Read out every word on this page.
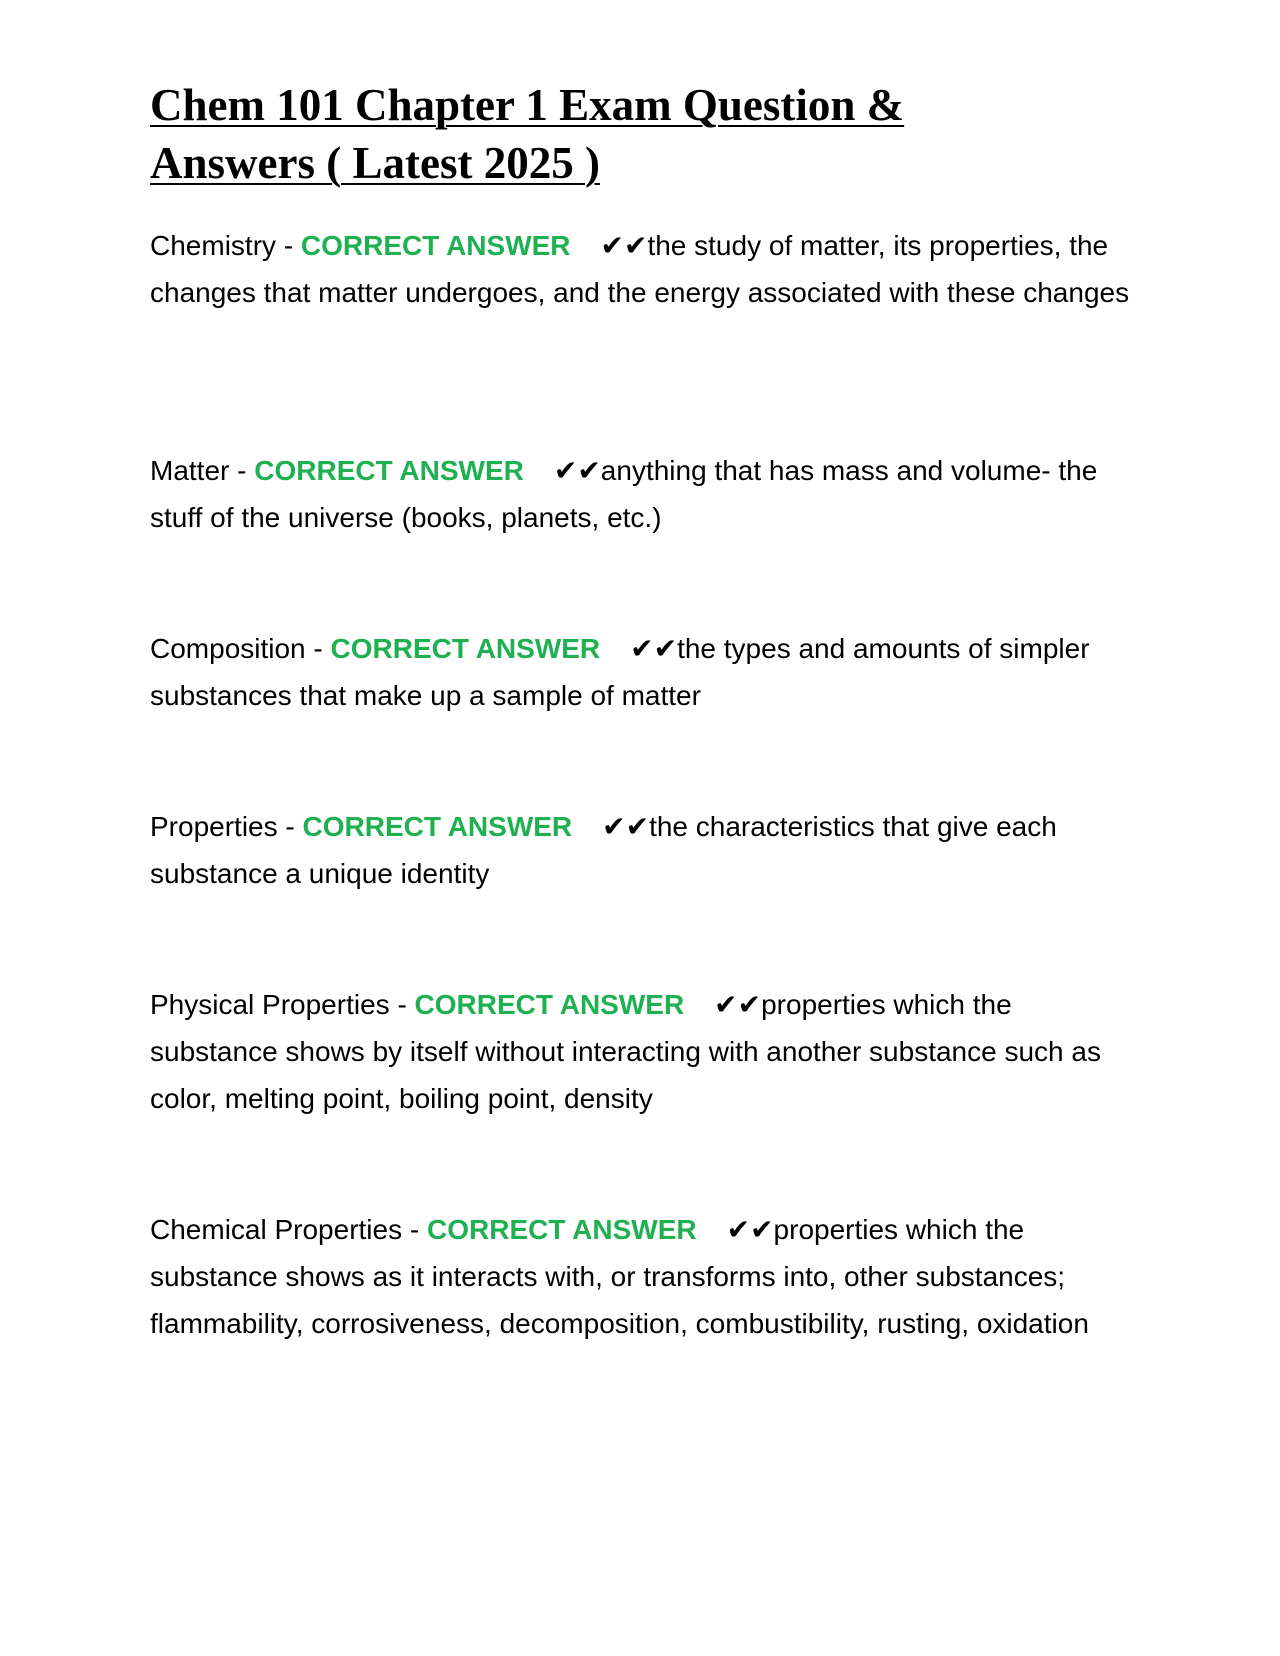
Chem 101 Chapter 1 Exam Question & Answers ( Latest 2025 )

Chemistry - CORRECT ANSWER ✔✔the study of matter, its properties, the changes that matter undergoes, and the energy associated with these changes

Matter - CORRECT ANSWER ✔✔anything that has mass and volume- the stuff of the universe (books, planets, etc.)

Composition - CORRECT ANSWER ✔✔the types and amounts of simpler substances that make up a sample of matter

Properties - CORRECT ANSWER ✔✔the characteristics that give each substance a unique identity

Physical Properties - CORRECT ANSWER ✔✔properties which the substance shows by itself without interacting with another substance such as color, melting point, boiling point, density

Chemical Properties - CORRECT ANSWER ✔✔properties which the substance shows as it interacts with, or transforms into, other substances; flammability, corrosiveness, decomposition, combustibility, rusting, oxidation
